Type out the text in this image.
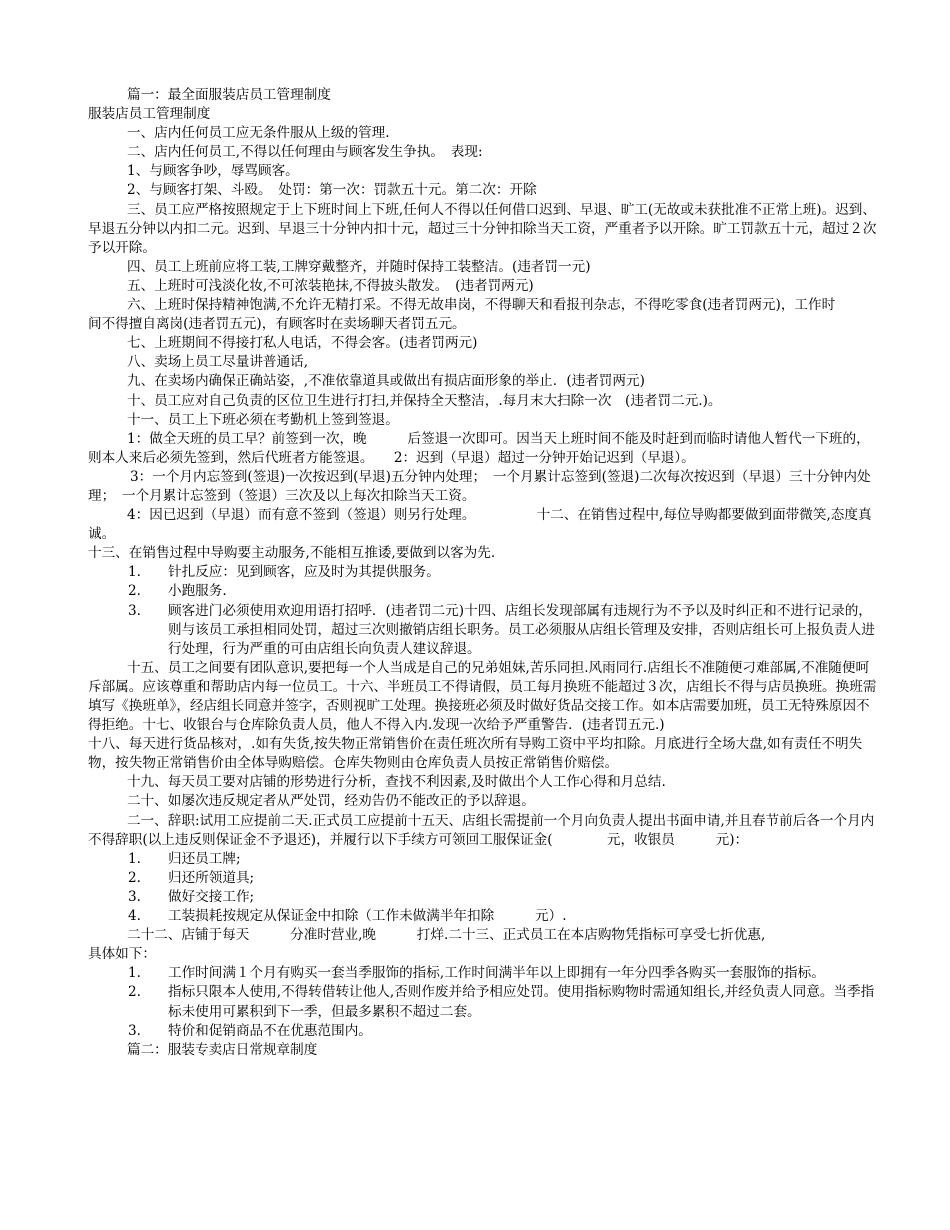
篇一：最全面服装店员工管理制度

服装店员工管理制度

一、店内任何员工应无条件服从上级的管理.

二、店内任何员工,不得以任何理由与顾客发生争执。　表现:

1、与顾客争吵，辱骂顾客。

2、与顾客打架、斗殴。　处罚：第一次：罚款五十元。第二次：开除

三、员工应严格按照规定于上下班时间上下班,任何人不得以任何借口迟到、早退、旷工(无故或未获批准不正常上班)。迟到、早退五分钟以内扣二元。迟到、早退三十分钟内扣十元，超过三十分钟扣除当天工资，严重者予以开除。旷工罚款五十元，超过２次予以开除。

四、员工上班前应将工装,工牌穿戴整齐，并随时保持工装整洁。(违者罚一元)

五、上班时可浅淡化妆,不可浓装艳抹,不得披头散发。　(违者罚两元)

六、上班时保持精神饱满,不允许无精打采。不得无故串岗，不得聊天和看报刊杂志，不得吃零食(违者罚两元)，工作时

间不得擅自离岗(违者罚五元)，有顾客时在卖场聊天者罚五元。

七、上班期间不得接打私人电话，不得会客。(违者罚两元)

八、卖场上员工尽量讲普通话,

九、在卖场内确保正确站姿，,不准依靠道具或做出有损店面形象的举止．(违者罚两元)

十、员工应对自己负责的区位卫生进行打扫,并保持全天整洁，.每月末大扫除一次　(违者罚二元.)。

十一、员工上下班必须在考勤机上签到签退。

1：做全天班的员工早？前签到一次，晚　　　后签退一次即可。因当天上班时间不能及时赶到而临时请他人暂代一下班的，则本人来后必须先签到，然后代班者方能签退。　　2：迟到（早退）超过一分钟开始记迟到（早退）。

3：一个月内忘签到(签退)一次按迟到(早退)五分钟内处理；　一个月累计忘签到(签退)二次每次按迟到（早退）三十分钟内处理；　一个月累计忘签到（签退）三次及以上每次扣除当天工资。

4：因已迟到（早退）而有意不签到（签退）则另行处理。　　　　　十二、在销售过程中,每位导购都要做到面带微笑,态度真诚。

十三、在销售过程中导购要主动服务,不能相互推诿,要做到以客为先.

1. 针扎反应：见到顾客，应及时为其提供服务。
2. 小跑服务.
3. 顾客进门必须使用欢迎用语打招呼．(违者罚二元)十四、店组长发现部属有违规行为不予以及时纠正和不进行记录的，则与该员工承担相同处罚，超过三次则撤销店组长职务。员工必须服从店组长管理及安排，否则店组长可上报负责人进行处理，行为严重的可由店组长向负责人建议辞退。

十五、员工之间要有团队意识,要把每一个人当成是自己的兄弟姐妹,苦乐同担.风雨同行.店组长不准随便刁难部属,不准随便呵斥部属。应该尊重和帮助店内每一位员工。十六、半班员工不得请假，员工每月换班不能超过３次，店组长不得与店员换班。换班需填写《换班单》，经店组长同意并签字，否则视旷工处理。换接班必须及时做好货品交接工作。如本店需要加班，员工无特殊原因不得拒绝。十七、收银台与仓库除负责人员，他人不得入内.发现一次给予严重警告．(违者罚五元.)

十八、每天进行货品核对，.如有失货,按失物正常销售价在责任班次所有导购工资中平均扣除。月底进行全场大盘,如有责任不明失物，按失物正常销售价由全体导购赔偿。仓库失物则由仓库负责人员按正常销售价赔偿。

十九、每天员工要对店铺的形势进行分析，查找不利因素,及时做出个人工作心得和月总结.

二十、如屡次违反规定者从严处罚，经劝告仍不能改正的予以辞退。

二一、辞职:试用工应提前二天.正式员工应提前十五天、店组长需提前一个月向负责人提出书面申请,并且春节前后各一个月内不得辞职(以上违反则保证金不予退还)，并履行以下手续方可领回工服保证金(　　　　元，收银员　　　元)：

1. 归还员工牌;
2. 归还所领道具;
3. 做好交接工作;
4. 工装损耗按规定从保证金中扣除（工作未做满半年扣除　　　元）.

二十二、店铺于每天　　　分准时营业,晚　　　打烊.二十三、正式员工在本店购物凭指标可享受七折优惠,

具体如下：

1. 工作时间满１个月有购买一套当季服饰的指标,工作时间满半年以上即拥有一年分四季各购买一套服饰的指标。
2. 指标只限本人使用,不得转借转让他人,否则作废并给予相应处罚。使用指标购物时需通知组长,并经负责人同意。当季指标未使用可累积到下一季，但最多累积不超过二套。
3. 特价和促销商品不在优惠范围内。

篇二：服装专卖店日常规章制度
